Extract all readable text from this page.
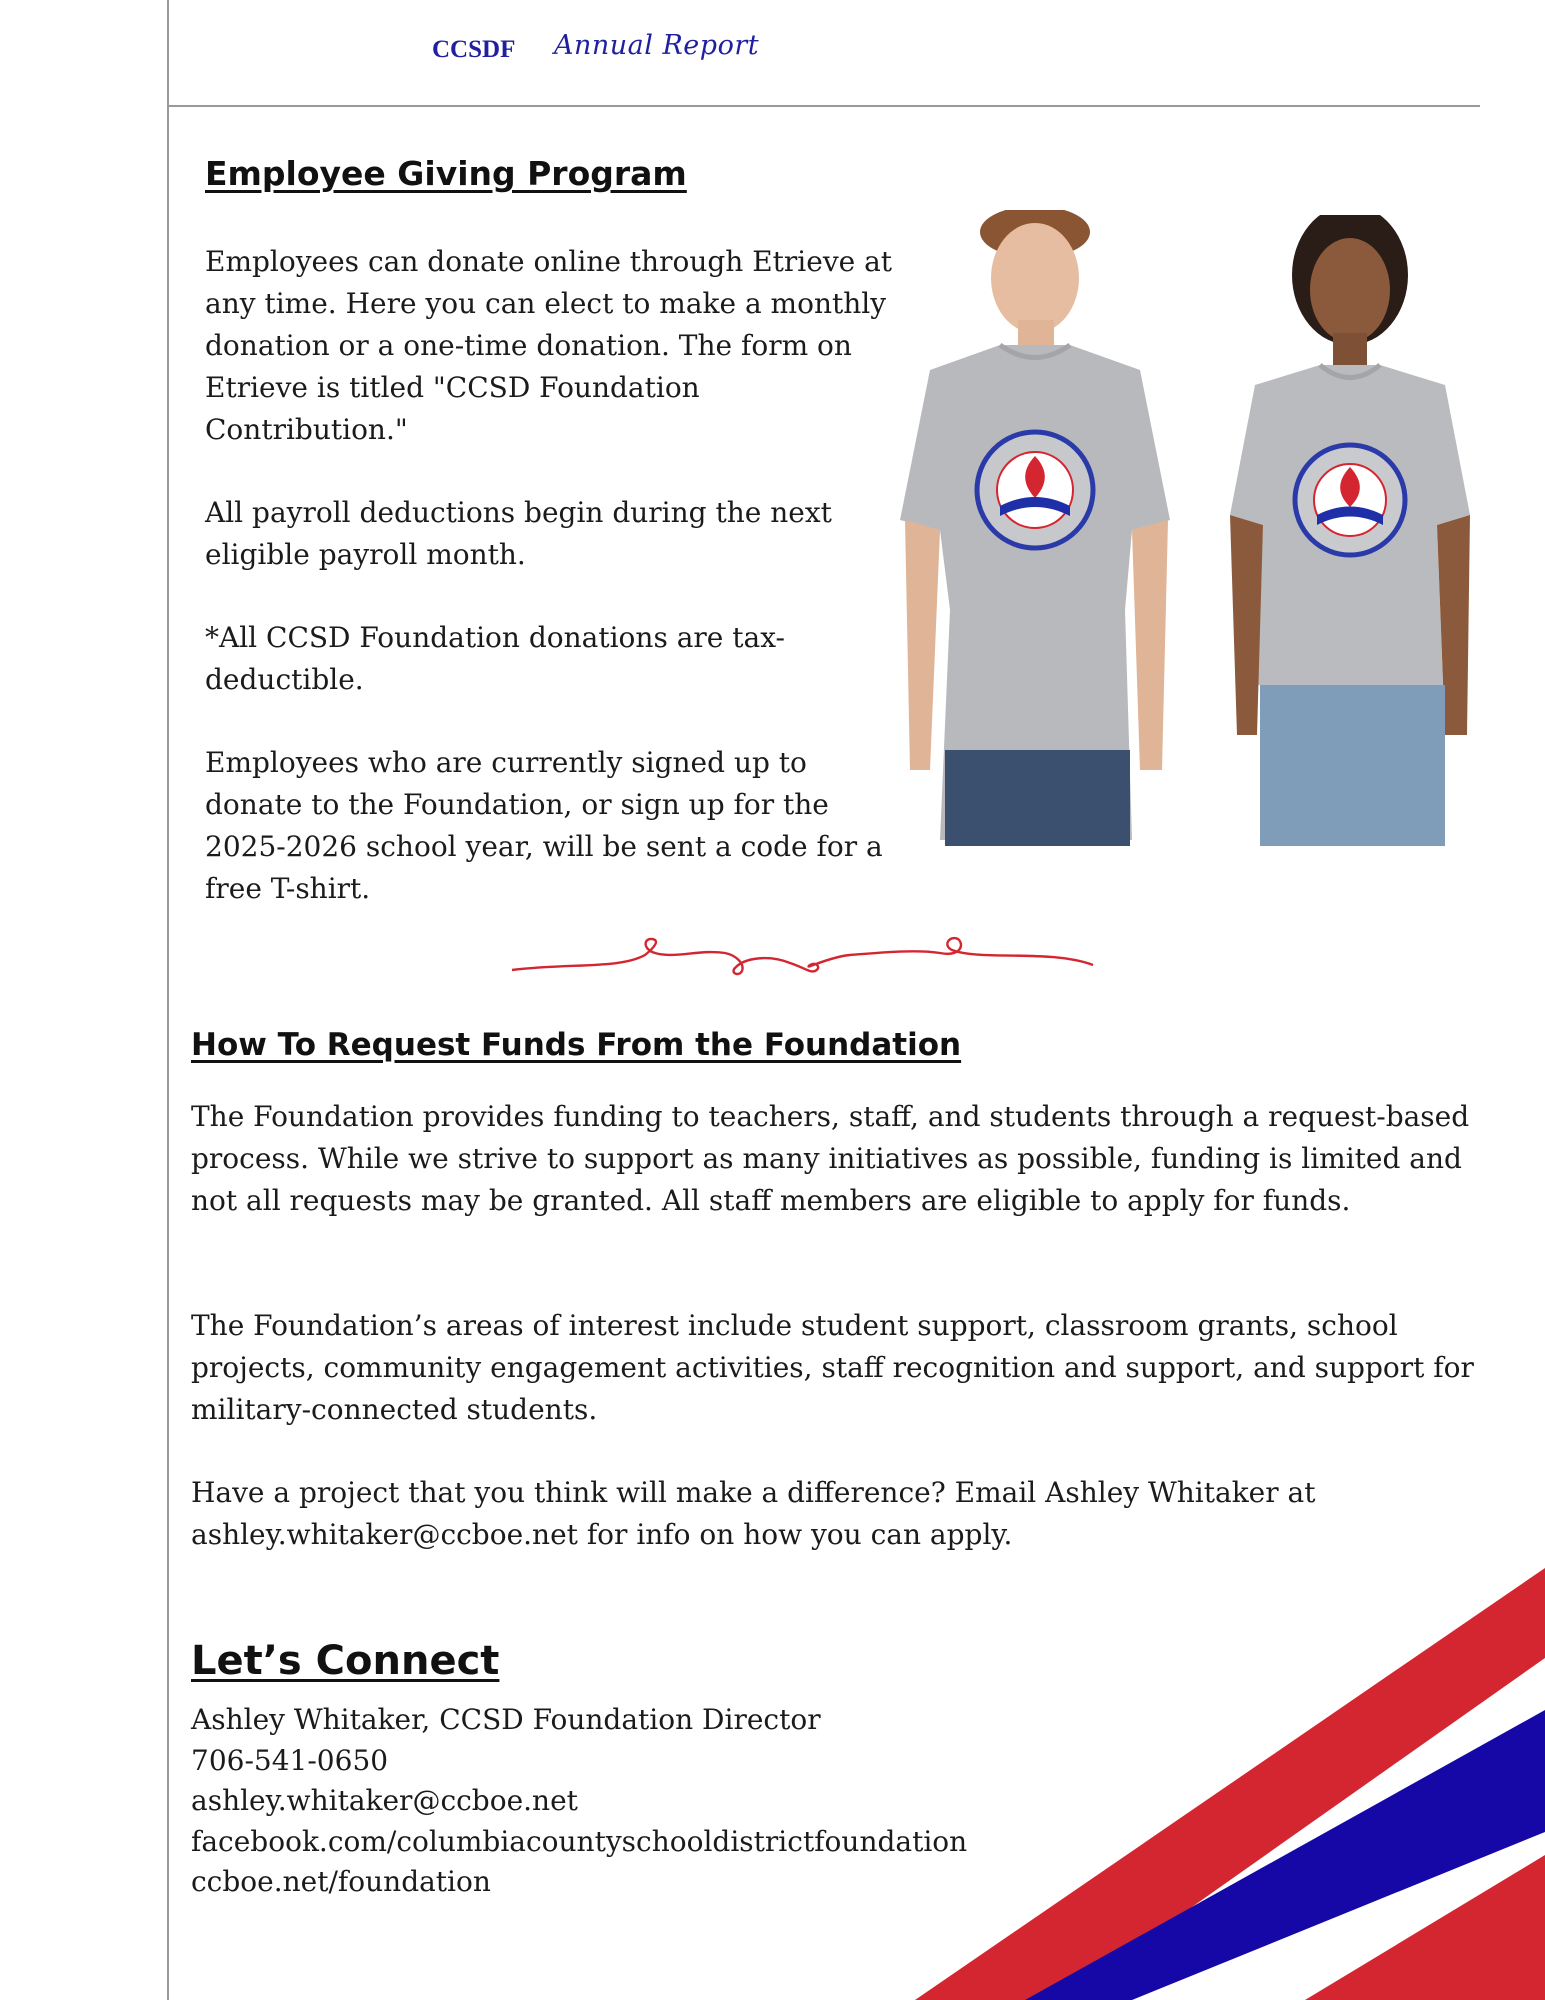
CCSDF Annual Report
Employee Giving Program

Employees can donate online through Etrieve at any time. Here you can elect to make a monthly donation or a one-time donation. The form on Etrieve is titled "CCSD Foundation Contribution."

All payroll deductions begin during the next eligible payroll month.

*All CCSD Foundation donations are tax-deductible.

Employees who are currently signed up to donate to the Foundation, or sign up for the 2025-2026 school year, will be sent a code for a free T-shirt.

How To Request Funds From the Foundation

The Foundation provides funding to teachers, staff, and students through a request-based process. While we strive to support as many initiatives as possible, funding is limited and not all requests may be granted. All staff members are eligible to apply for funds.

The Foundation’s areas of interest include student support, classroom grants, school projects, community engagement activities, staff recognition and support, and support for military-connected students.

Have a project that you think will make a difference? Email Ashley Whitaker at ashley.whitaker@ccboe.net for info on how you can apply.

Let’s Connect
Ashley Whitaker, CCSD Foundation Director
706-541-0650
ashley.whitaker@ccboe.net
facebook.com/columbiacountyschooldistrictfoundation
ccboe.net/foundation
